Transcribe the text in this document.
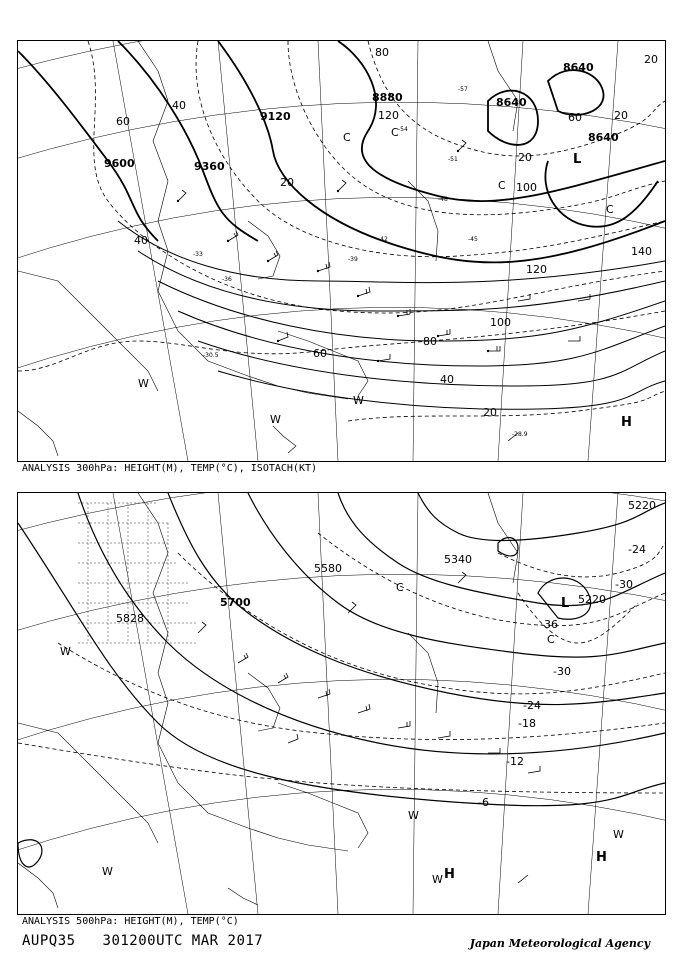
9600	9360
9120
8880
8640
8640
8640
60
40
40
60
80
100
120
140
120
100
80
60
40
20
20
20
20
20
-30.5
-33
-36
-39
-42	-45
-48
-51
-54
-57
-28.9
L
C	C
C
C
W
W
W	H
ANALYSIS 300hPa: HEIGHT(M), TEMP(°C), ISOTACH(KT)
5828
5700
5580
5340
5220
5220
-36
-30
-30
-24
-24
-18
-12
-6
L
C
C
W
W
W
W
H
H
W
ANALYSIS 500hPa: HEIGHT(M), TEMP(°C)
AUPQ35 301200UTC MAR 2017	Japan Meteorological Agency
